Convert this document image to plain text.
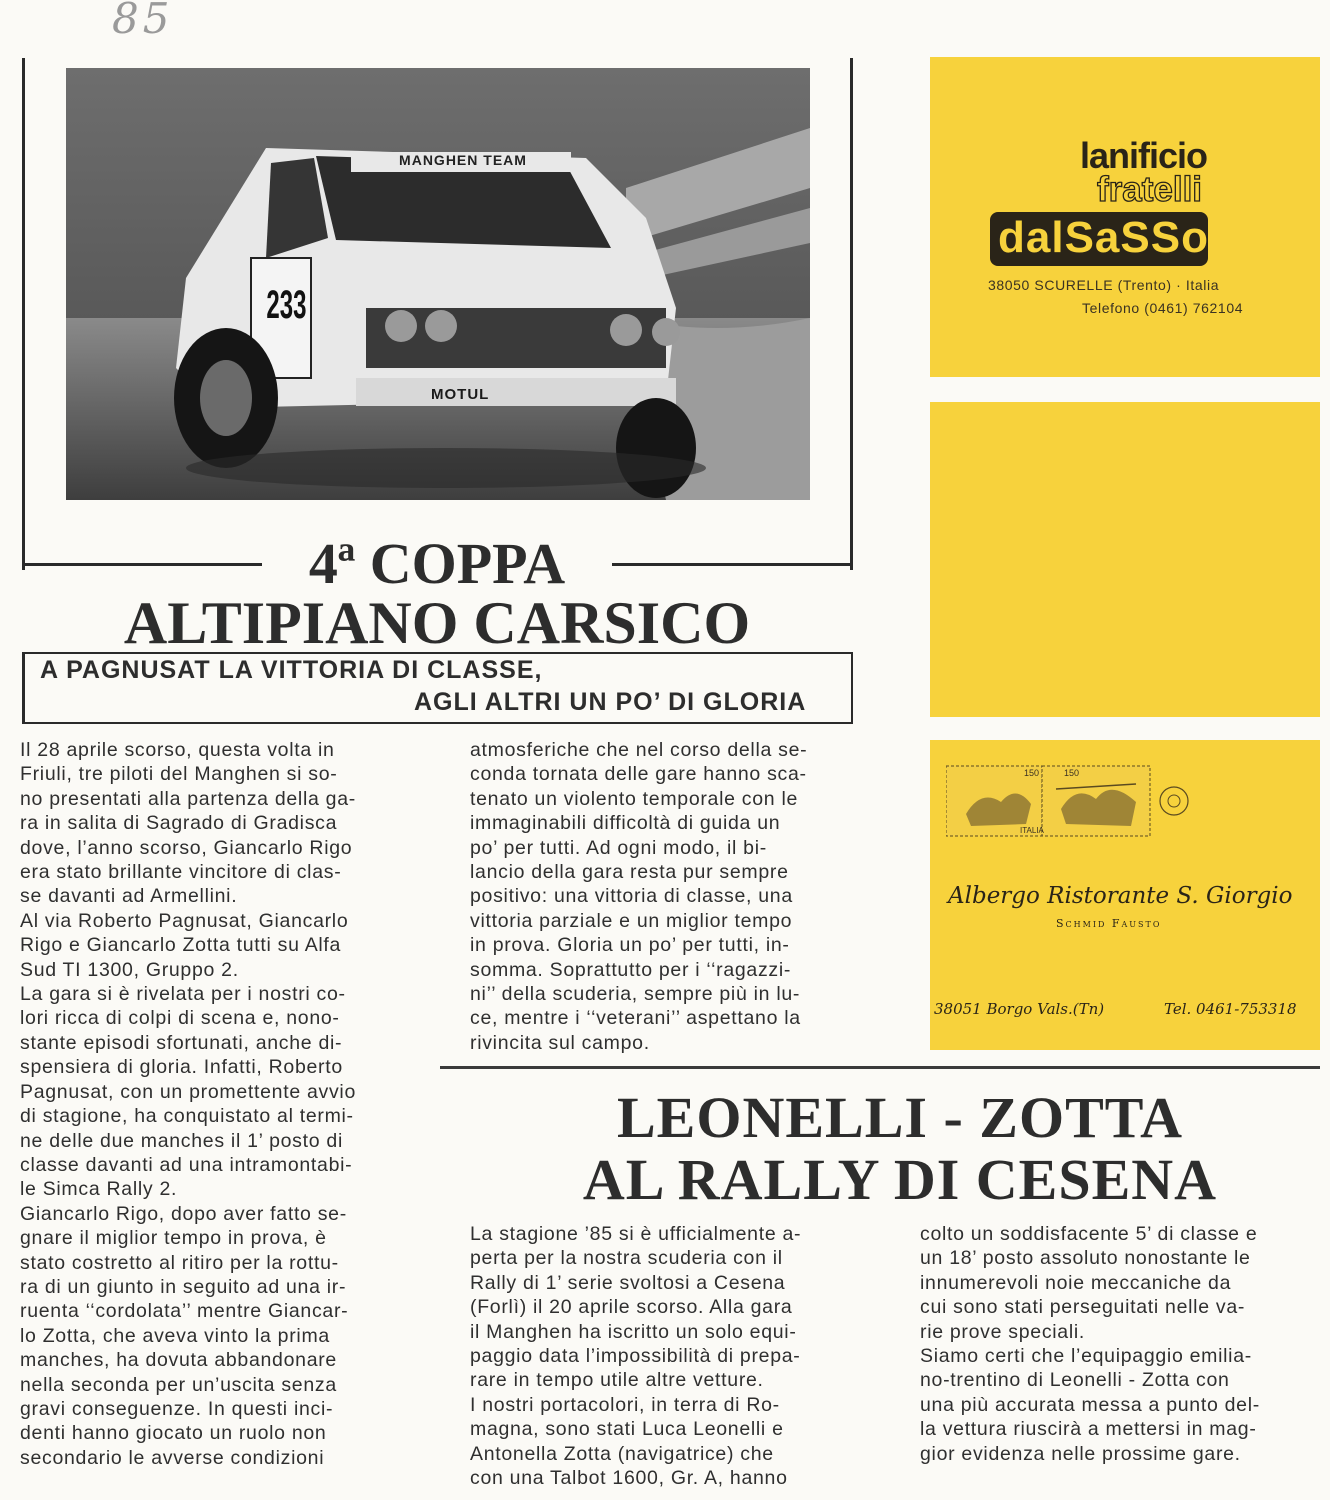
85
MANGHEN TEAM
233
MOTUL
4ª COPPA
ALTIPIANO CARSICO
A PAGNUSAT LA VITTORIA DI CLASSE,
AGLI ALTRI UN PO’ DI GLORIA

Il 28 aprile scorso, questa volta in

Friuli, tre piloti del Manghen si so-

no presentati alla partenza della ga-

ra in salita di Sagrado di Gradisca

dove, l’anno scorso, Giancarlo Rigo

era stato brillante vincitore di clas-

se davanti ad Armellini.

Al via Roberto Pagnusat, Giancarlo

Rigo e Giancarlo Zotta tutti su Alfa

Sud TI 1300, Gruppo 2.

La gara si è rivelata per i nostri co-

lori ricca di colpi di scena e, nono-

stante episodi sfortunati, anche di-

spensiera di gloria. Infatti, Roberto

Pagnusat, con un promettente avvio

di stagione, ha conquistato al termi-

ne delle due manches il 1’ posto di

classe davanti ad una intramontabi-

le Simca Rally 2.

Giancarlo Rigo, dopo aver fatto se-

gnare il miglior tempo in prova, è

stato costretto al ritiro per la rottu-

ra di un giunto in seguito ad una ir-

ruenta ‘‘cordolata’’ mentre Giancar-

lo Zotta, che aveva vinto la prima

manches, ha dovuta abbandonare

nella seconda per un’uscita senza

gravi conseguenze. In questi inci-

denti hanno giocato un ruolo non

secondario le avverse condizioni

atmosferiche che nel corso della se-

conda tornata delle gare hanno sca-

tenato un violento temporale con le

immaginabili difficoltà di guida un

po’ per tutti. Ad ogni modo, il bi-

lancio della gara resta pur sempre

positivo: una vittoria di classe, una

vittoria parziale e un miglior tempo

in prova. Gloria un po’ per tutti, in-

somma. Soprattutto per i ‘‘ragazzi-

ni’’ della scuderia, sempre più in lu-

ce, mentre i ‘‘veterani’’ aspettano la

rivincita sul campo.

LEONELLI - ZOTTA
AL RALLY DI CESENA

La stagione ’85 si è ufficialmente a-

perta per la nostra scuderia con il

Rally di 1’ serie svoltosi a Cesena

(Forlì) il 20 aprile scorso. Alla gara

il Manghen ha iscritto un solo equi-

paggio data l’impossibilità di prepa-

rare in tempo utile altre vetture.

I nostri portacolori, in terra di Ro-

magna, sono stati Luca Leonelli e

Antonella Zotta (navigatrice) che

con una Talbot 1600, Gr. A, hanno

colto un soddisfacente 5’ di classe e

un 18’ posto assoluto nonostante le

innumerevoli noie meccaniche da

cui sono stati perseguitati nelle va-

rie prove speciali.

Siamo certi che l’equipaggio emilia-

no-trentino di Leonelli - Zotta con

una più accurata messa a punto del-

la vettura riuscirà a mettersi in mag-

gior evidenza nelle prossime gare.

lanificio
fratelli
dalSaSSo
38050 SCURELLE (Trento) · Italia
Telefono (0461) 762104
150	150
ITALIA
Albergo Ristorante S. Giorgio
Schmid Fausto
38051 Borgo Vals.(Tn)	Tel. 0461-753318
